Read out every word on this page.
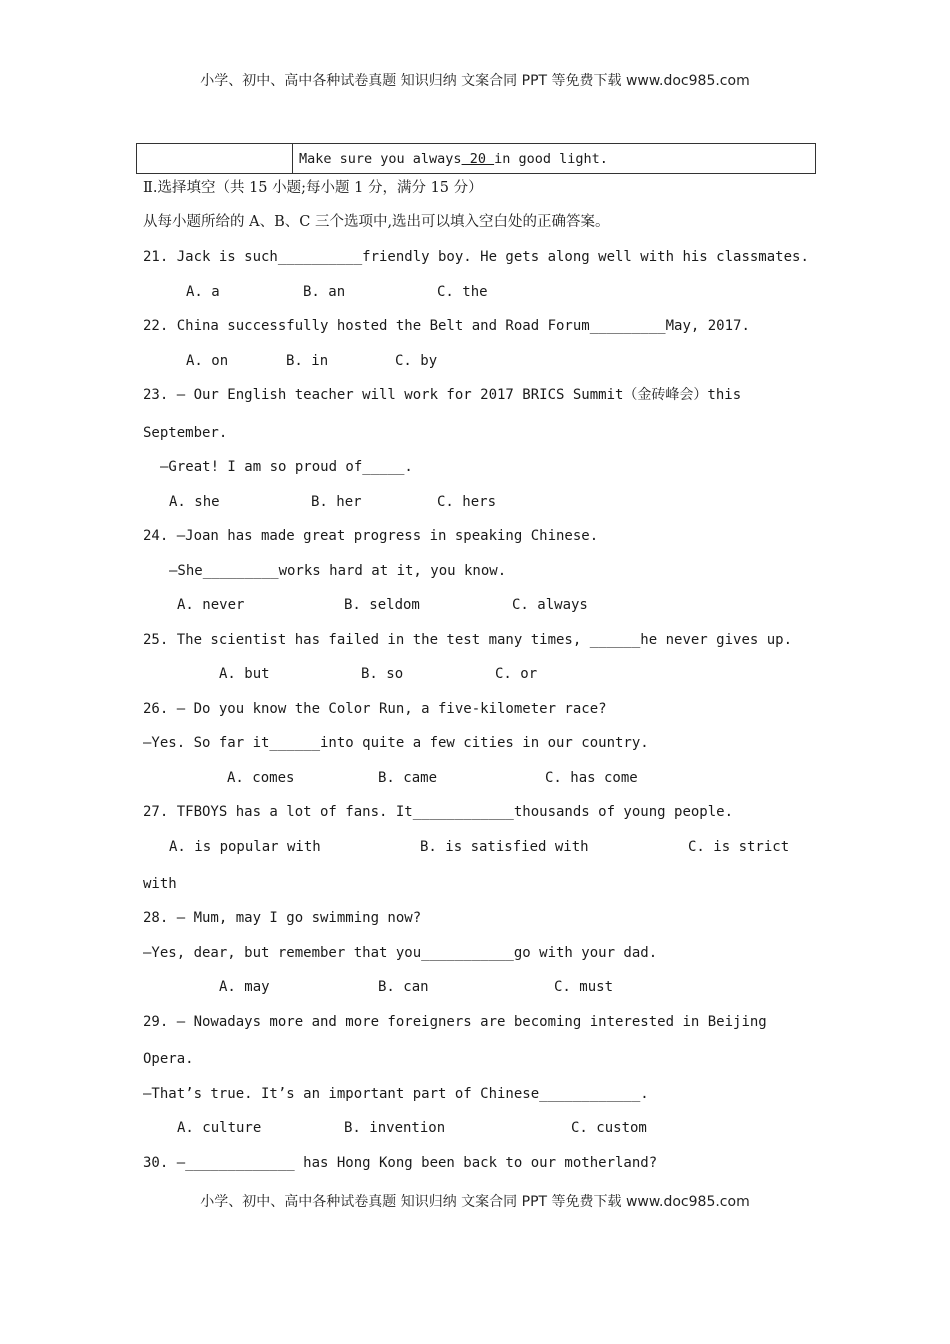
小学、初中、高中各种试卷真题 知识归纳 文案合同 PPT 等免费下载 www.doc985.com
	Make sure you always 20 in good light.
Ⅱ.选择填空（共 15 小题;每小题 1 分，满分 15 分）
从每小题所给的 A、B、C 三个选项中,选出可以填入空白处的正确答案。
21. Jack is such__________friendly boy. He gets along well with his classmates.
A. a	B. an	C. the
22. China successfully hosted the Belt and Road Forum_________May, 2017.
A. on	B. in	C. by
23. — Our English teacher will work for 2017 BRICS Summit（金砖峰会）this
September.
—Great! I am so proud of_____.
A. she	B. her	C. hers
24. —Joan has made great progress in speaking Chinese.
—She_________works hard at it, you know.
A. never	B. seldom	C. always
25. The scientist has failed in the test many times, ______he never gives up.
A. but	B. so	C. or
26. — Do you know the Color Run, a five-kilometer race?
—Yes. So far it______into quite a few cities in our country.
A. comes	B. came	C. has come
27. TFBOYS has a lot of fans. It____________thousands of young people.
A. is popular with	B. is satisfied with	C. is strict
with
28. — Mum, may I go swimming now?
—Yes, dear, but remember that you___________go with your dad.
A. may	B. can	C. must
29. — Nowadays more and more foreigners are becoming interested in Beijing
Opera.
—That’s true. It’s an important part of Chinese____________.
A. culture	B. invention	C. custom
30. —_____________ has Hong Kong been back to our motherland?
小学、初中、高中各种试卷真题 知识归纳 文案合同 PPT 等免费下载 www.doc985.com
